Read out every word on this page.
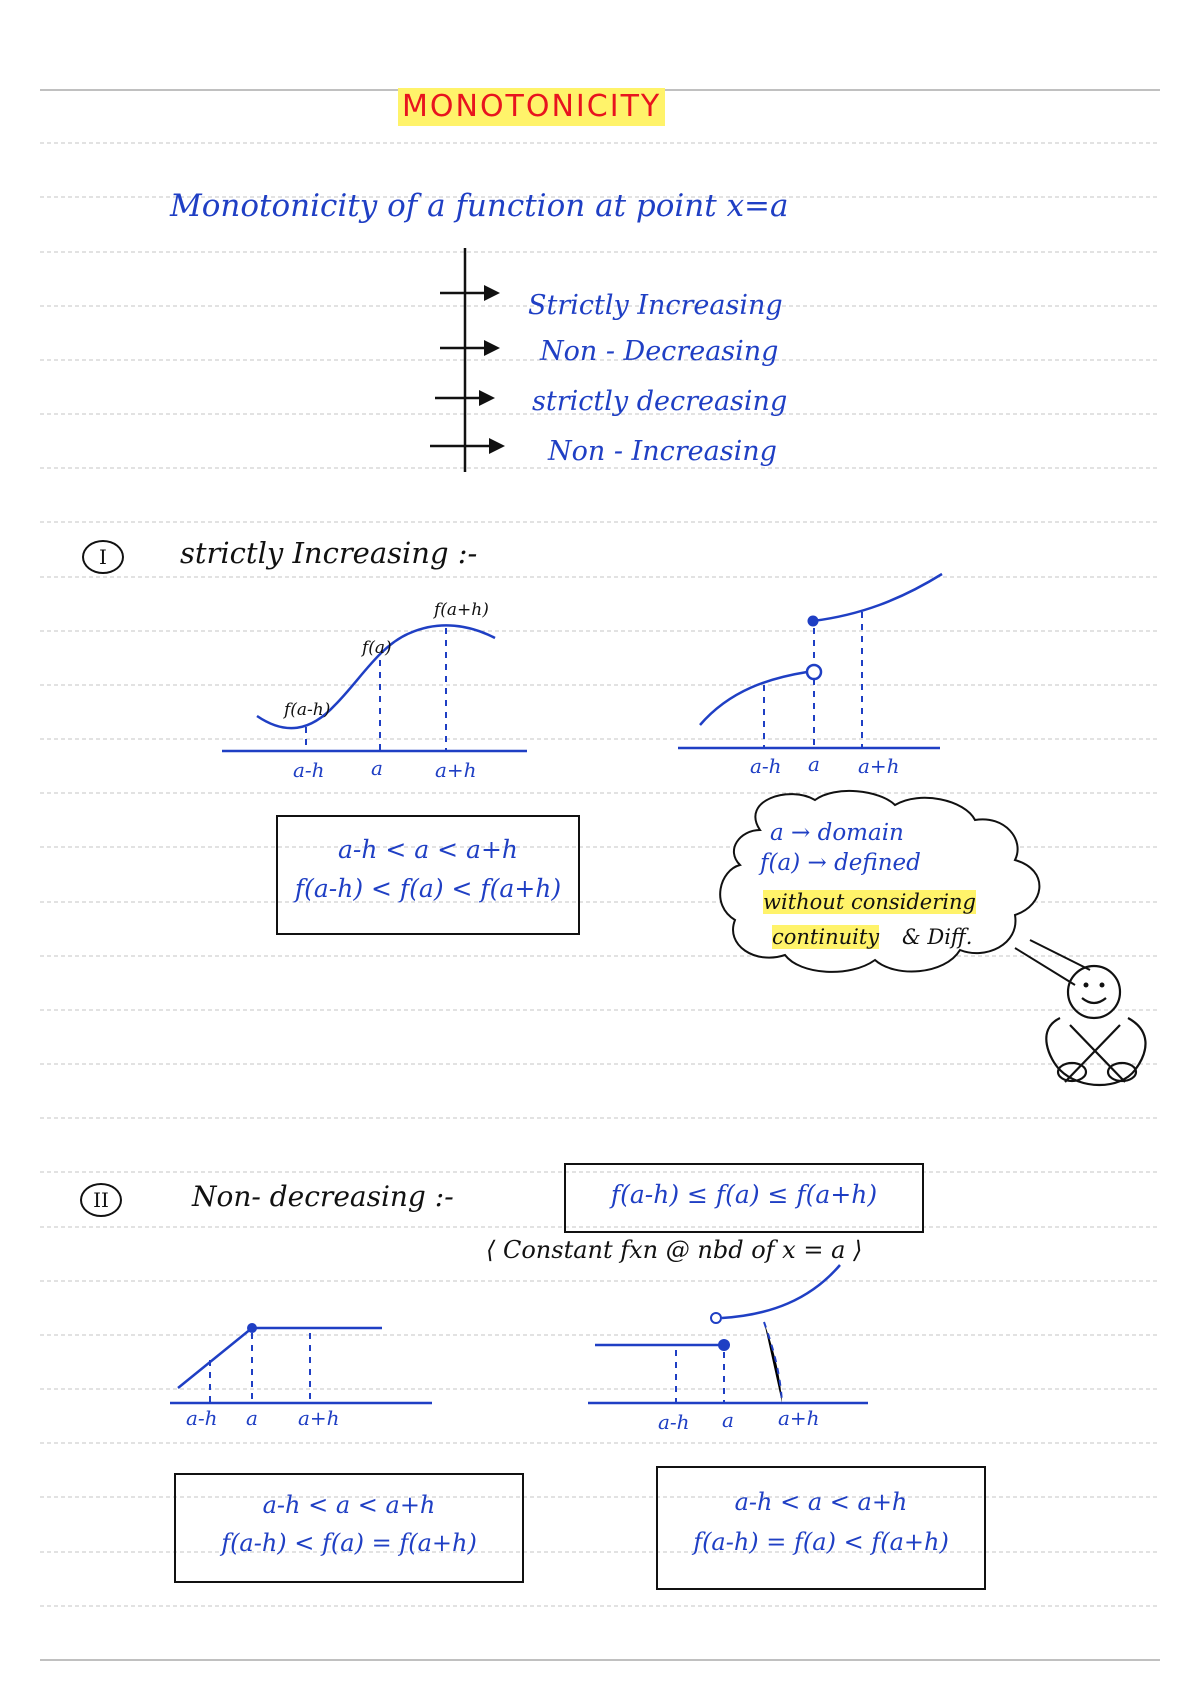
MONOTONICITY
Monotonicity of a function at point x=a
Strictly Increasing
Non - Decreasing
strictly decreasing
Non - Increasing
I	strictly Increasing :-
f(a-h)
f(a)
f(a+h)
a-h a	a+h	a-h a a+h
a-h < a < a+h
f(a-h) < f(a) < f(a+h)
a → domain
f(a) → defined
without considering
continuity & Diff.
II	Non- decreasing :-	f(a-h) ≤ f(a) ≤ f(a+h)
⟨ Constant fxn @ nbd of x = a ⟩
a-h a a+h	a-h a a+h
a-h < a < a+h
f(a-h) < f(a) = f(a+h)
a-h < a < a+h
f(a-h) = f(a) < f(a+h)
